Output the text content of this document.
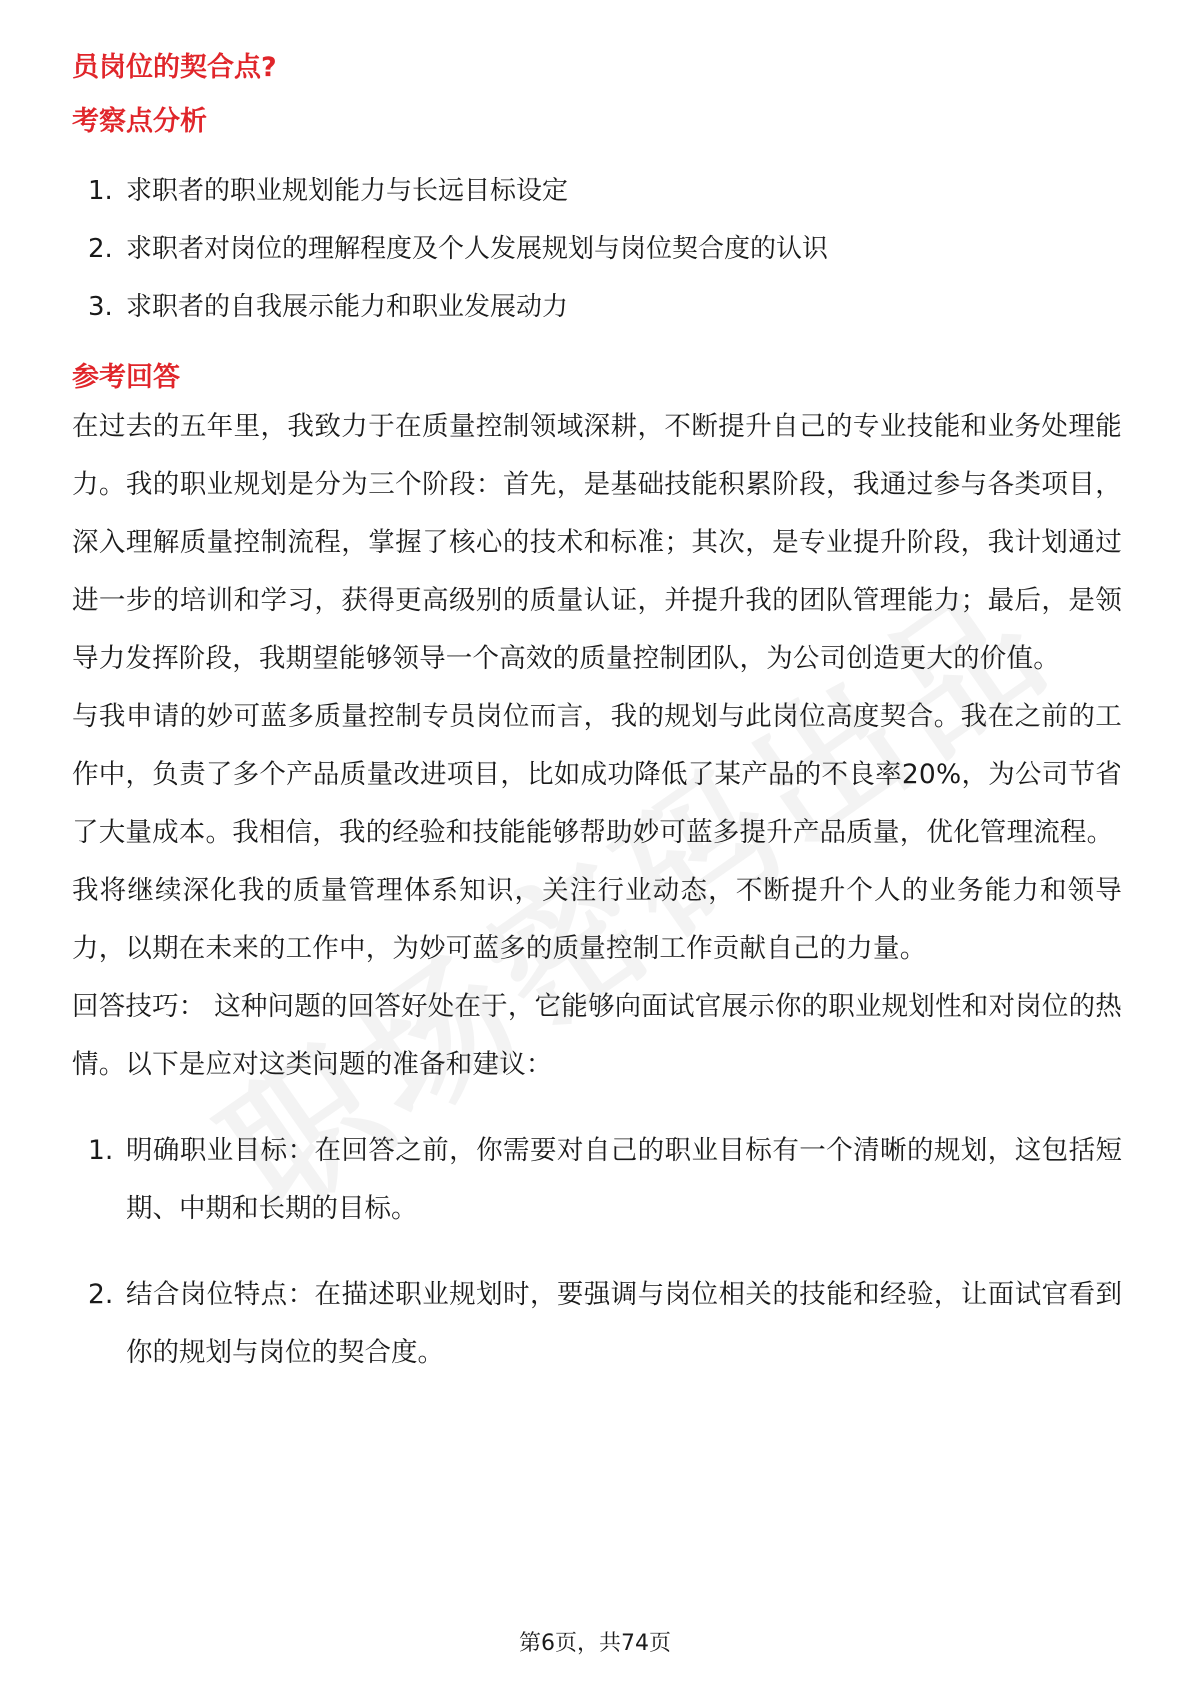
员岗位的契合点?
考察点分析
1. 求职者的职业规划能力与长远目标设定
2. 求职者对岗位的理解程度及个人发展规划与岗位契合度的认识
3. 求职者的自我展示能力和职业发展动力
参考回答

在过去的五年里，我致力于在质量控制领域深耕，不断提升自己的专业技能和业务处理能力。我的职业规划是分为三个阶段：首先，是基础技能积累阶段，我通过参与各类项目，深入理解质量控制流程，掌握了核心的技术和标准；其次，是专业提升阶段，我计划通过进一步的培训和学习，获得更高级别的质量认证，并提升我的团队管理能力；最后，是领导力发挥阶段，我期望能够领导一个高效的质量控制团队，为公司创造更大的价值。

与我申请的妙可蓝多质量控制专员岗位而言，我的规划与此岗位高度契合。我在之前的工作中，负责了多个产品质量改进项目，比如成功降低了某产品的不良率20%，为公司节省了大量成本。我相信，我的经验和技能能够帮助妙可蓝多提升产品质量，优化管理流程。

我将继续深化我的质量管理体系知识，关注行业动态，不断提升个人的业务能力和领导力，以期在未来的工作中，为妙可蓝多的质量控制工作贡献自己的力量。

回答技巧： 这种问题的回答好处在于，它能够向面试官展示你的职业规划性和对岗位的热情。以下是应对这类问题的准备和建议：

1. 明确职业目标：在回答之前，你需要对自己的职业目标有一个清晰的规划，这包括短期、中期和长期的目标。
2. 结合岗位特点：在描述职业规划时，要强调与岗位相关的技能和经验，让面试官看到你的规划与岗位的契合度。
第6页，共74页
